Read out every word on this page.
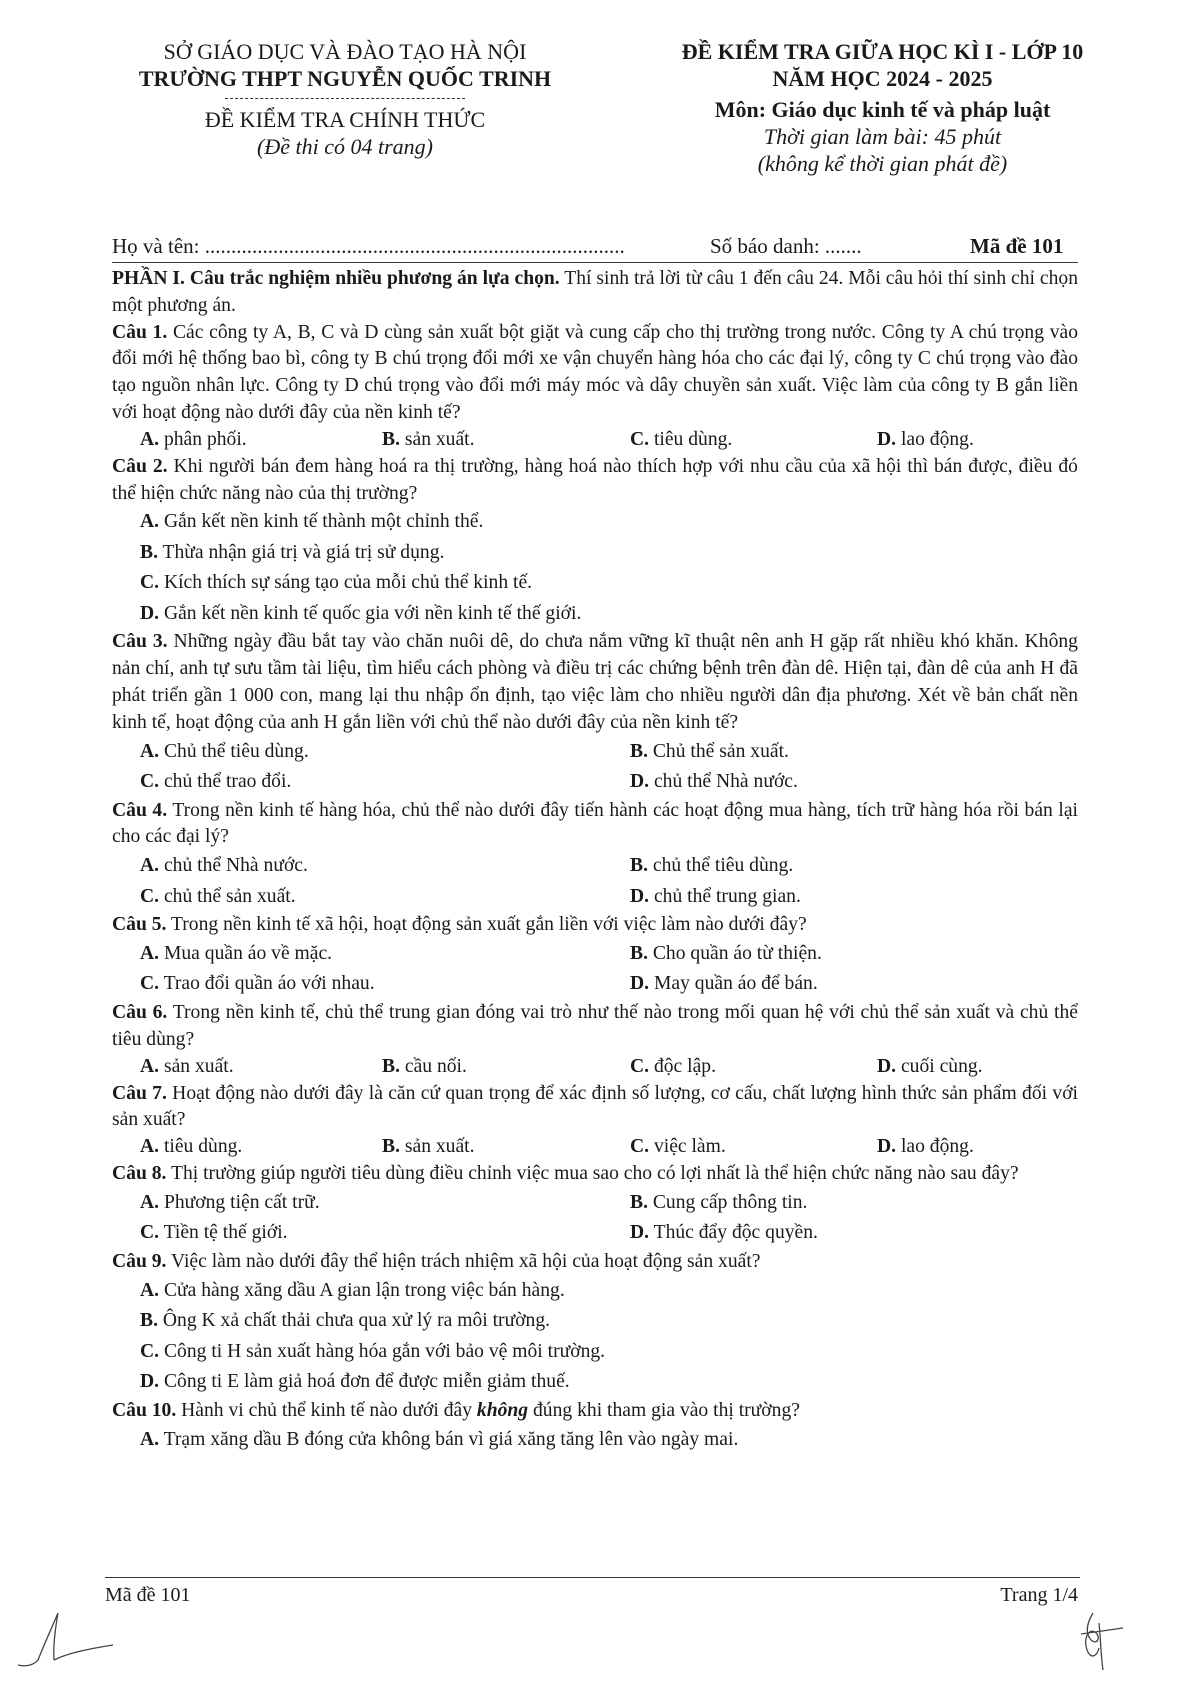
SỞ GIÁO DỤC VÀ ĐÀO TẠO HÀ NỘI
TRƯỜNG THPT NGUYỄN QUỐC TRINH
ĐỀ KIỂM TRA CHÍNH THỨC
(Đề thi có 04 trang)
ĐỀ KIỂM TRA GIỮA HỌC KÌ I - LỚP 10
NĂM HỌC 2024 - 2025
Môn: Giáo dục kinh tế và pháp luật
Thời gian làm bài: 45 phút
(không kể thời gian phát đề)
Họ và tên: ................................................................................	Số báo danh: .......	Mã đề 101

PHẦN I. Câu trắc nghiệm nhiều phương án lựa chọn. Thí sinh trả lời từ câu 1 đến câu 24. Mỗi câu hỏi thí sinh chỉ chọn một phương án.

Câu 1. Các công ty A, B, C và D cùng sản xuất bột giặt và cung cấp cho thị trường trong nước. Công ty A chú trọng vào đổi mới hệ thống bao bì, công ty B chú trọng đổi mới xe vận chuyển hàng hóa cho các đại lý, công ty C chú trọng vào đào tạo nguồn nhân lực. Công ty D chú trọng vào đổi mới máy móc và dây chuyền sản xuất. Việc làm của công ty B gắn liền với hoạt động nào dưới đây của nền kinh tế?

A. phân phối.	B. sản xuất.	C. tiêu dùng.	D. lao động.

Câu 2. Khi người bán đem hàng hoá ra thị trường, hàng hoá nào thích hợp với nhu cầu của xã hội thì bán được, điều đó thể hiện chức năng nào của thị trường?

A. Gắn kết nền kinh tế thành một chỉnh thể.

B. Thừa nhận giá trị và giá trị sử dụng.

C. Kích thích sự sáng tạo của mỗi chủ thể kinh tế.

D. Gắn kết nền kinh tế quốc gia với nền kinh tế thế giới.

Câu 3. Những ngày đầu bắt tay vào chăn nuôi dê, do chưa nắm vững kĩ thuật nên anh H gặp rất nhiều khó khăn. Không nản chí, anh tự sưu tầm tài liệu, tìm hiểu cách phòng và điều trị các chứng bệnh trên đàn dê. Hiện tại, đàn dê của anh H đã phát triển gần 1 000 con, mang lại thu nhập ổn định, tạo việc làm cho nhiều người dân địa phương. Xét về bản chất nền kinh tế, hoạt động của anh H gắn liền với chủ thể nào dưới đây của nền kinh tế?

A. Chủ thể tiêu dùng.	B. Chủ thể sản xuất.
C. chủ thể trao đổi.	D. chủ thể Nhà nước.

Câu 4. Trong nền kinh tế hàng hóa, chủ thể nào dưới đây tiến hành các hoạt động mua hàng, tích trữ hàng hóa rồi bán lại cho các đại lý?

A. chủ thể Nhà nước.	B. chủ thể tiêu dùng.
C. chủ thể sản xuất.	D. chủ thể trung gian.

Câu 5. Trong nền kinh tế xã hội, hoạt động sản xuất gắn liền với việc làm nào dưới đây?

A. Mua quần áo về mặc.	B. Cho quần áo từ thiện.
C. Trao đổi quần áo với nhau.	D. May quần áo để bán.

Câu 6. Trong nền kinh tế, chủ thể trung gian đóng vai trò như thế nào trong mối quan hệ với chủ thể sản xuất và chủ thể tiêu dùng?

A. sản xuất.	B. cầu nối.	C. độc lập.	D. cuối cùng.

Câu 7. Hoạt động nào dưới đây là căn cứ quan trọng để xác định số lượng, cơ cấu, chất lượng hình thức sản phẩm đối với sản xuất?

A. tiêu dùng.	B. sản xuất.	C. việc làm.	D. lao động.

Câu 8. Thị trường giúp người tiêu dùng điều chỉnh việc mua sao cho có lợi nhất là thể hiện chức năng nào sau đây?

A. Phương tiện cất trữ.	B. Cung cấp thông tin.
C. Tiền tệ thế giới.	D. Thúc đẩy độc quyền.

Câu 9. Việc làm nào dưới đây thể hiện trách nhiệm xã hội của hoạt động sản xuất?

A. Cửa hàng xăng dầu A gian lận trong việc bán hàng.

B. Ông K xả chất thải chưa qua xử lý ra môi trường.

C. Công ti H sản xuất hàng hóa gắn với bảo vệ môi trường.

D. Công ti E làm giả hoá đơn để được miễn giảm thuế.

Câu 10. Hành vi chủ thể kinh tế nào dưới đây không đúng khi tham gia vào thị trường?

A. Trạm xăng dầu B đóng cửa không bán vì giá xăng tăng lên vào ngày mai.

Mã đề 101	Trang 1/4
